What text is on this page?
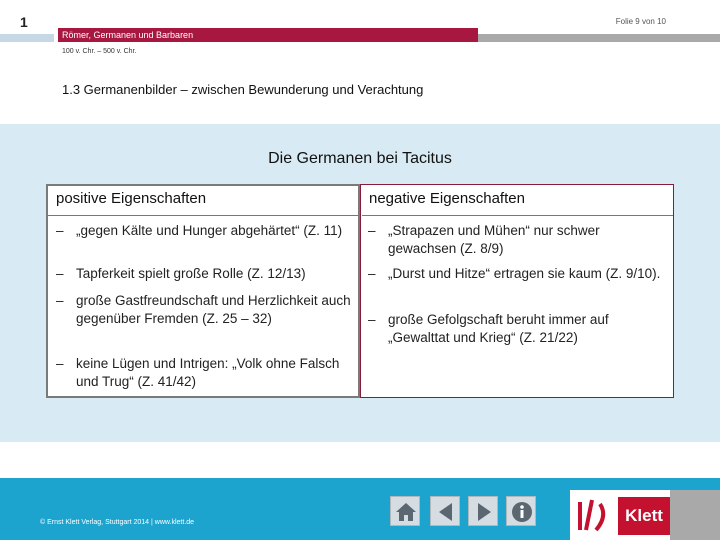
1
Römer, Germanen und Barbaren
Folie 9 von 10
100 v. Chr. – 500 v. Chr.
1.3 Germanenbilder – zwischen Bewunderung und Verachtung
Die Germanen bei Tacitus
positive Eigenschaften	negative Eigenschaften
– „gegen Kälte und Hunger abgehärtet“ (Z. 11)
– Tapferkeit spielt große Rolle (Z. 12/13)
– große Gastfreundschaft und Herzlichkeit auch gegenüber Fremden (Z. 25 – 32)
– keine Lügen und Intrigen: „Volk ohne Falsch und Trug“ (Z. 41/42)
– „Strapazen und Mühen“ nur schwer gewachsen (Z. 8/9)
– „Durst und Hitze“ ertragen sie kaum (Z. 9/10).
– große Gefolgschaft beruht immer auf „Gewalttat und Krieg“ (Z. 21/22)
© Ernst Klett Verlag, Stuttgart 2014 | www.klett.de	Klett
